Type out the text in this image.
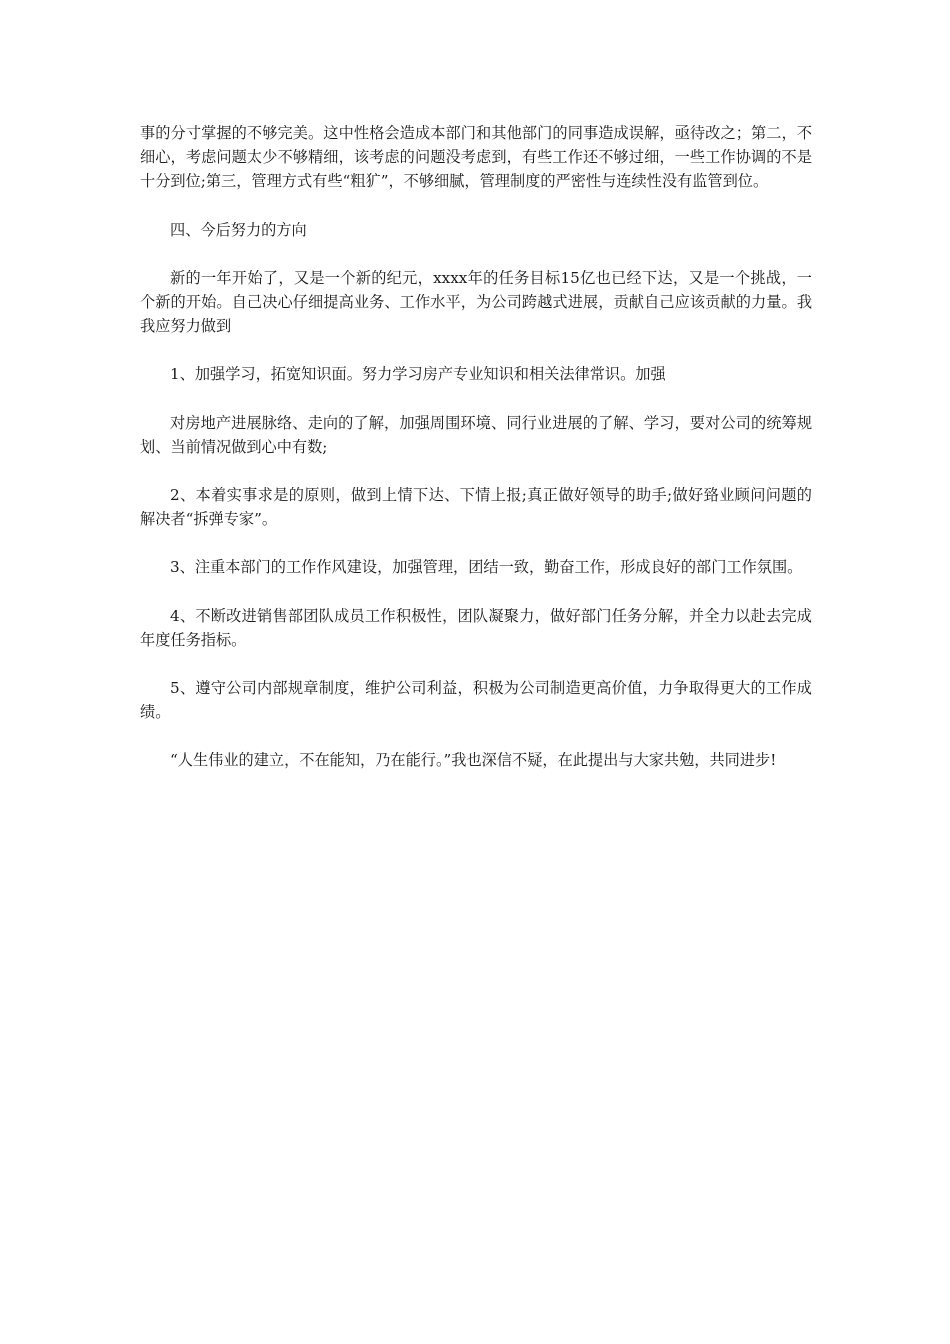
事的分寸掌握的不够完美。这中性格会造成本部门和其他部门的同事造成误解，亟待改之；第二，不细心，考虑问题太少不够精细，该考虑的问题没考虑到，有些工作还不够过细，一些工作协调的不是十分到位;第三，管理方式有些“粗犷”，不够细腻，管理制度的严密性与连续性没有监管到位。

四、今后努力的方向

新的一年开始了，又是一个新的纪元，xxxx年的任务目标15亿也已经下达，又是一个挑战，一个新的开始。自己决心仔细提高业务、工作水平，为公司跨越式进展，贡献自己应该贡献的力量。我我应努力做到

1、加强学习，拓宽知识面。努力学习房产专业知识和相关法律常识。加强

对房地产进展脉络、走向的了解，加强周围环境、同行业进展的了解、学习，要对公司的统筹规划、当前情况做到心中有数;

2、本着实事求是的原则，做到上情下达、下情上报;真正做好领导的助手;做好臵业顾问问题的解决者“拆弹专家”。

3、注重本部门的工作作风建设，加强管理，团结一致，勤奋工作，形成良好的部门工作氛围。

4、不断改进销售部团队成员工作积极性，团队凝聚力，做好部门任务分解，并全力以赴去完成年度任务指标。

5、遵守公司内部规章制度，维护公司利益，积极为公司制造更高价值，力争取得更大的工作成绩。

“人生伟业的建立，不在能知，乃在能行。”我也深信不疑，在此提出与大家共勉，共同进步!
